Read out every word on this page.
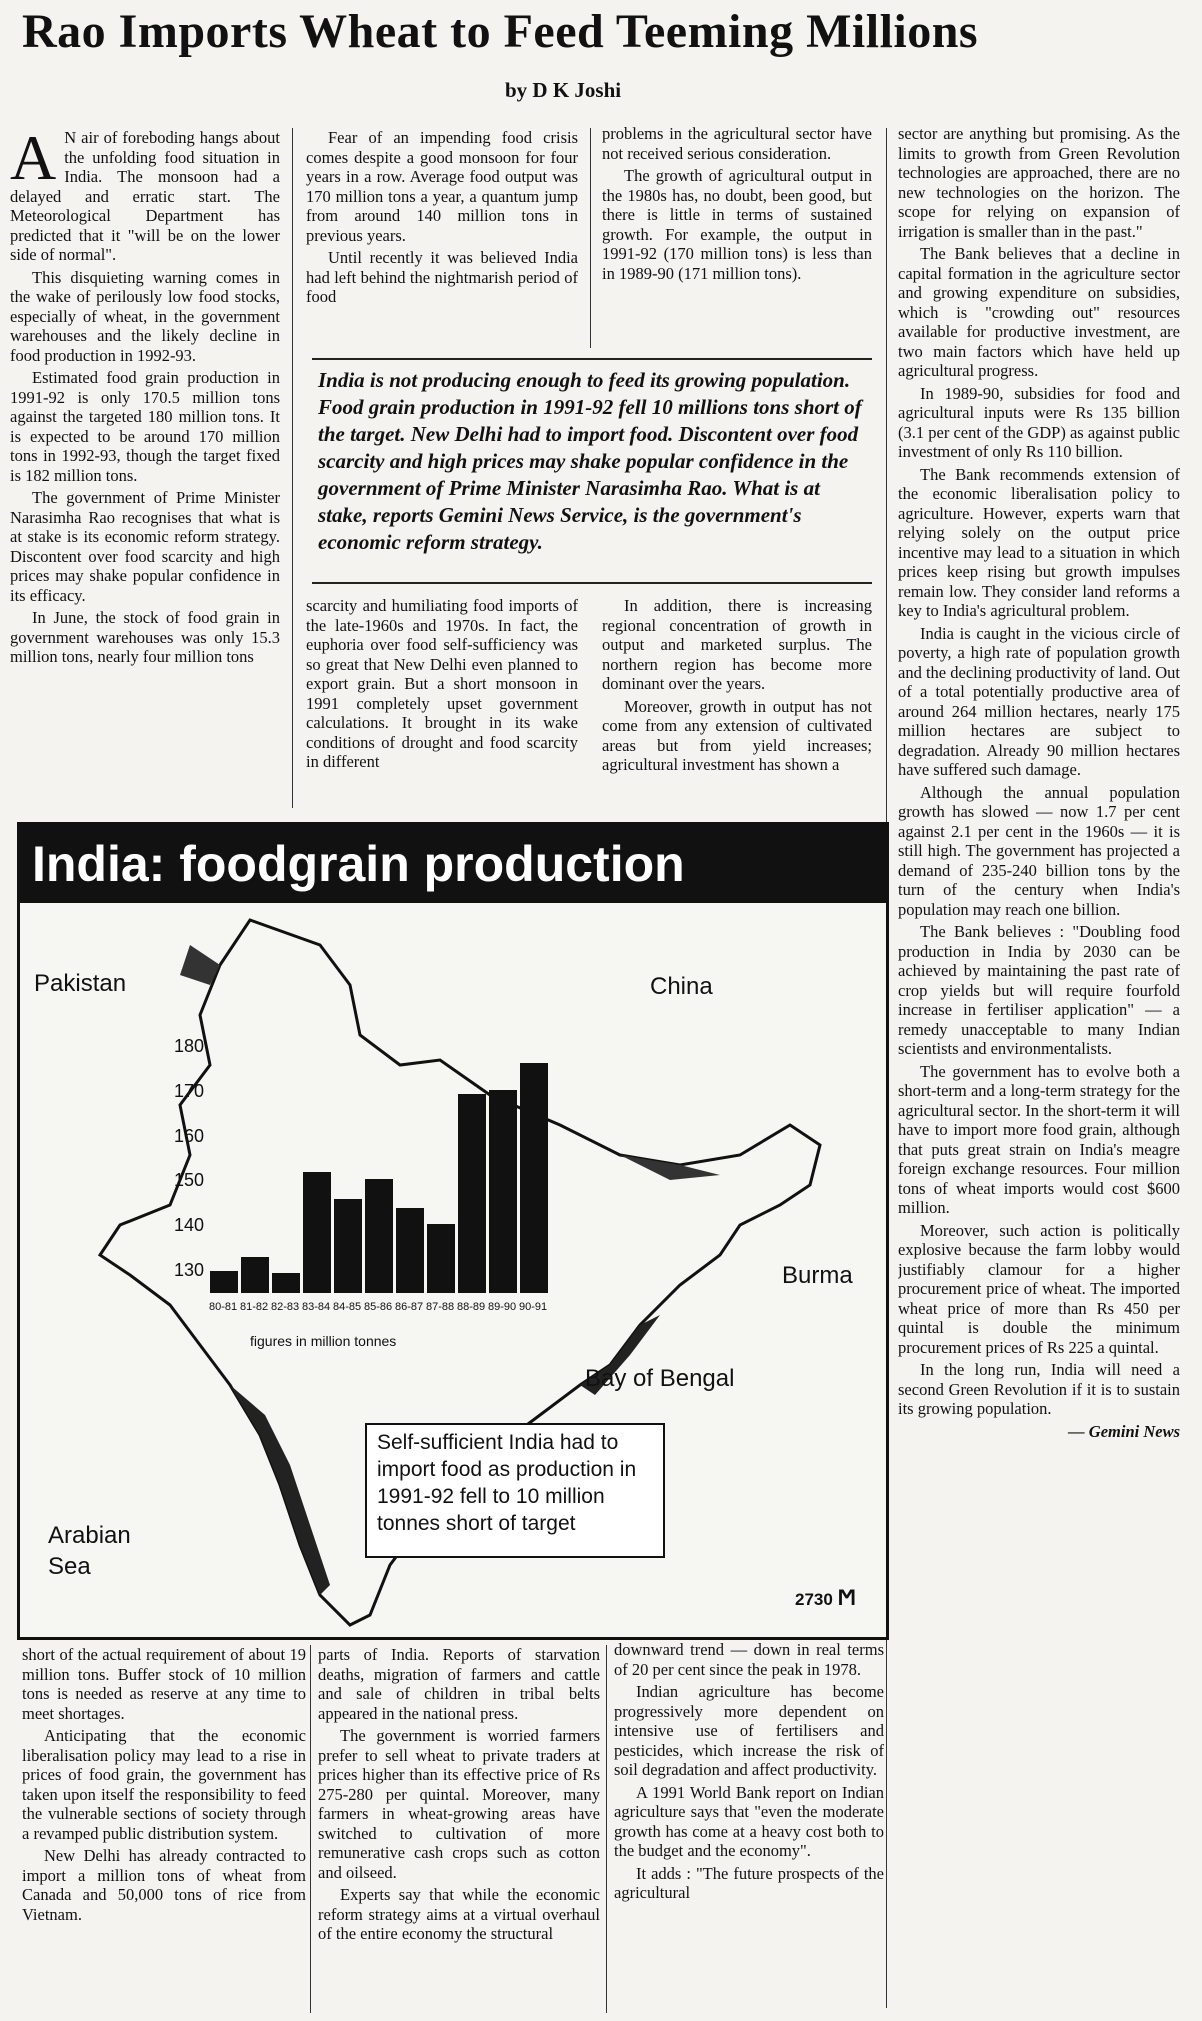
Rao Imports Wheat to Feed Teeming Millions
by D K Joshi

A N air of foreboding hangs about the unfolding food situation in India. The monsoon had a delayed and erratic start. The Meteorological Department has predicted that it "will be on the lower side of normal".

This disquieting warning comes in the wake of perilously low food stocks, especially of wheat, in the government warehouses and the likely decline in food production in 1992-93.

Estimated food grain production in 1991-92 is only 170.5 million tons against the targeted 180 million tons. It is expected to be around 170 million tons in 1992-93, though the target fixed is 182 million tons.

The government of Prime Minister Narasimha Rao recognises that what is at stake is its economic reform strategy. Discontent over food scarcity and high prices may shake popular confidence in its efficacy.

In June, the stock of food grain in government warehouses was only 15.3 million tons, nearly four million tons

Fear of an impending food crisis comes despite a good monsoon for four years in a row. Average food output was 170 million tons a year, a quantum jump from around 140 million tons in previous years.

Until recently it was believed India had left behind the nightmarish period of food

problems in the agricultural sector have not received serious consideration.

The growth of agricultural output in the 1980s has, no doubt, been good, but there is little in terms of sustained growth. For example, the output in 1991-92 (170 million tons) is less than in 1989-90 (171 million tons).

India is not producing enough to feed its growing population. Food grain production in 1991-92 fell 10 millions tons short of the target. New Delhi had to import food. Discontent over food scarcity and high prices may shake popular confidence in the government of Prime Minister Narasimha Rao. What is at stake, reports Gemini News Service, is the government's economic reform strategy.

scarcity and humiliating food imports of the late-1960s and 1970s. In fact, the euphoria over food self-sufficiency was so great that New Delhi even planned to export grain. But a short monsoon in 1991 completely upset government calculations. It brought in its wake conditions of drought and food scarcity in different

In addition, there is increasing regional concentration of growth in output and marketed surplus. The northern region has become more dominant over the years.

Moreover, growth in output has not come from any extension of cultivated areas but from yield increases; agricultural investment has shown a

sector are anything but promising. As the limits to growth from Green Revolution technologies are approached, there are no new technologies on the horizon. The scope for relying on expansion of irrigation is smaller than in the past."

The Bank believes that a decline in capital formation in the agriculture sector and growing expenditure on subsidies, which is "crowding out" resources available for productive investment, are two main factors which have held up agricultural progress.

In 1989-90, subsidies for food and agricultural inputs were Rs 135 billion (3.1 per cent of the GDP) as against public investment of only Rs 110 billion.

The Bank recommends extension of the economic liberalisation policy to agriculture. However, experts warn that relying solely on the output price incentive may lead to a situation in which prices keep rising but growth impulses remain low. They consider land reforms a key to India's agricultural problem.

India is caught in the vicious circle of poverty, a high rate of population growth and the declining productivity of land. Out of a total potentially productive area of around 264 million hectares, nearly 175 million hectares are subject to degradation. Already 90 million hectares have suffered such damage.

Although the annual population growth has slowed — now 1.7 per cent against 2.1 per cent in the 1960s — it is still high. The government has projected a demand of 235-240 billion tons by the turn of the century when India's population may reach one billion.

The Bank believes : "Doubling food production in India by 2030 can be achieved by maintaining the past rate of crop yields but will require fourfold increase in fertiliser application" — a remedy unacceptable to many Indian scientists and environmentalists.

The government has to evolve both a short-term and a long-term strategy for the agricultural sector. In the short-term it will have to import more food grain, although that puts great strain on India's meagre foreign exchange resources. Four million tons of wheat imports would cost $600 million.

Moreover, such action is politically explosive because the farm lobby would justifiably clamour for a higher procurement price of wheat. The imported wheat price of more than Rs 450 per quintal is double the minimum procurement prices of Rs 225 a quintal.

In the long run, India will need a second Green Revolution if it is to sustain its growing population.

— Gemini News

India: foodgrain production
Pakistan	China
Burma
Bay of Bengal
Arabian Sea
130
140
150
160
170
180
80-81 81-82 82-83 83-84 84-85 85-86 86-87 87-88 88-89 89-90 90-91
figures in million tonnes
Self-sufficient India had to import food as production in 1991-92 fell to 10 million tonnes short of target
2730 Ϻ

short of the actual requirement of about 19 million tons. Buffer stock of 10 million tons is needed as reserve at any time to meet shortages.

Anticipating that the economic liberalisation policy may lead to a rise in prices of food grain, the government has taken upon itself the responsibility to feed the vulnerable sections of society through a revamped public distribution system.

New Delhi has already contracted to import a million tons of wheat from Canada and 50,000 tons of rice from Vietnam.

parts of India. Reports of starvation deaths, migration of farmers and cattle and sale of children in tribal belts appeared in the national press.

The government is worried farmers prefer to sell wheat to private traders at prices higher than its effective price of Rs 275-280 per quintal. Moreover, many farmers in wheat-growing areas have switched to cultivation of more remunerative cash crops such as cotton and oilseed.

Experts say that while the economic reform strategy aims at a virtual overhaul of the entire economy the structural

downward trend — down in real terms of 20 per cent since the peak in 1978.

Indian agriculture has become progressively more dependent on intensive use of fertilisers and pesticides, which increase the risk of soil degradation and affect productivity.

A 1991 World Bank report on Indian agriculture says that "even the moderate growth has come at a heavy cost both to the budget and the economy".

It adds : "The future prospects of the agricultural
